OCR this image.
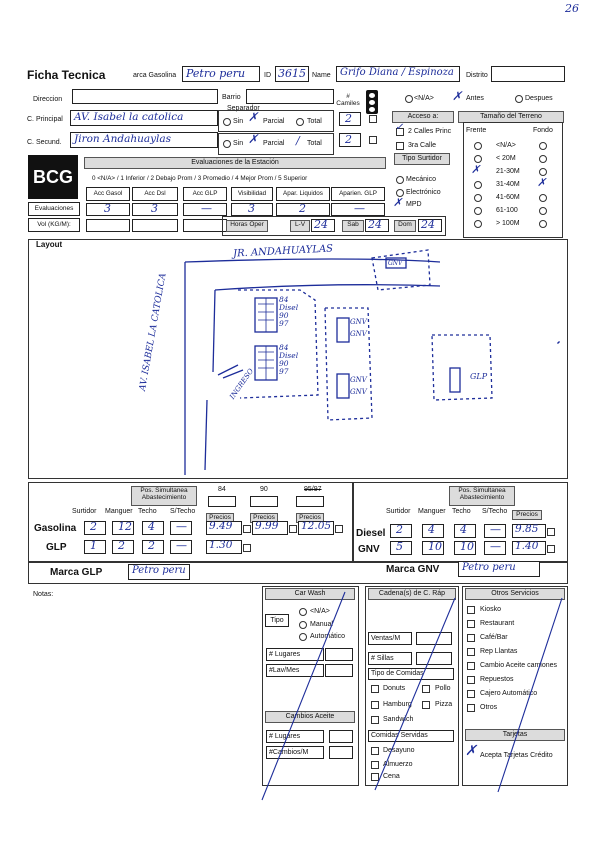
26
Ficha Tecnica	arca Gasolina Petro peru	ID 3615 Name Grifo Diana / Espinoza Distrito
Direccion	Barrio
Separador
# Camiles
<N/A> ✗ Antes	Despues
C. Principal AV. Isabel la catolica	Sin ✗ Parcial	Total 2
C. Secund. Jiron Andahuaylas	Sin ✗ Parcial / Total 2
Acceso a:
✓ 2 Calles Princ
3ra Calle
Tipo Surtidor
Mecánico
Electrónico
✗ MPD
Tamaño del Terreno
Frente	Fondo
<N/A>
< 20M
✗ 21-30M
31-40M ✗
41-60M
61-100
> 100M
BCG
Evaluaciones de la Estación
0 <N/A> / 1 Inferior / 2 Debajo Prom / 3 Promedio / 4 Mejor Prom / 5 Superior
Acc Gasol	Acc Dsl	Acc GLP	Visibilidad	Apar. Liquidos	Aparien. GLP
Evaluaciones
Vol (KG/M):
3	3	—	3	2	—
Horas Oper	L-V 24	Sab 24	Dom 24
Layout	JR. ANDAHUAYLAS
AV. ISABEL LA CATOLICA	INGRESO
GNV
84
Disel
90
97
84
Disel
90
97
GNV
GNV
GNV
GNV
GLP
Pos. Simultanea Abastecimiento
Pos. Simultanea Abastecimiento
84	90	95/97
Surtidor Manguer Techo S/Techo
Precios	Precios	Precios
Gasolina 2 12 4 — 9.49 9.99 12.05
GLP 1 2 2 — 1.30
Surtidor Manguer Techo S/Techo	Precios
Diesel 2 4 4 — 9.85
GNV 5 10 10 — 1.40
Marca GLP	Petro peru	Marca GNV Petro peru
Notas:	Car Wash
Tipo
<N/A>
Manual
Automático
# Lugares
#Lav/Mes
Cambios Aceite
# Lugares
#Cambios/M
Cadena(s) de C. Ráp
Ventas/M
# Sillas
Tipo de Comidas
Donuts	Pollo
Hamburg	Pizza
Sandwich
Comidas Servidas
Desayuno
Almuerzo
Cena
Otros Servicios
Kiosko
Restaurant
Café/Bar
Rep Llantas
Cambio Aceite camiones
Repuestos
Cajero Automático
Otros
Tarjetas
✗ Acepta Tarjetas Crédito
